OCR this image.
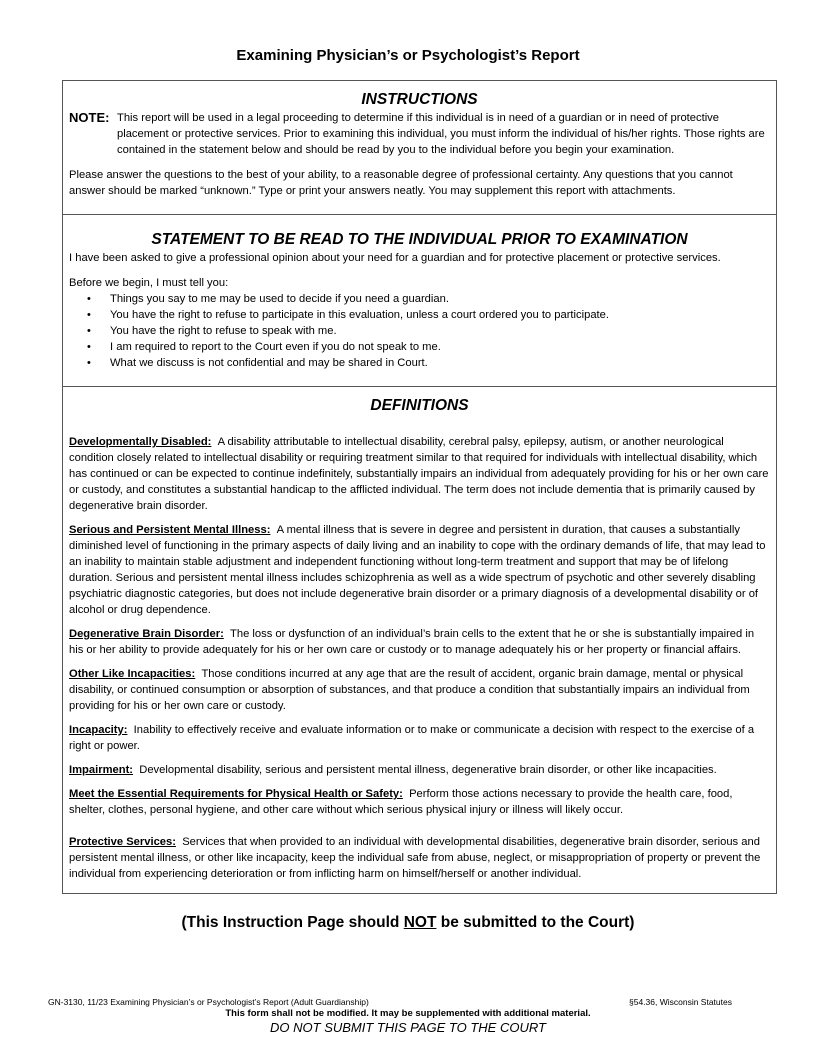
Examining Physician’s or Psychologist’s Report
INSTRUCTIONS
NOTE: This report will be used in a legal proceeding to determine if this individual is in need of a guardian or in need of protective placement or protective services. Prior to examining this individual, you must inform the individual of his/her rights. Those rights are contained in the statement below and should be read by you to the individual before you begin your examination.
Please answer the questions to the best of your ability, to a reasonable degree of professional certainty. Any questions that you cannot answer should be marked “unknown.” Type or print your answers neatly. You may supplement this report with attachments.
STATEMENT TO BE READ TO THE INDIVIDUAL PRIOR TO EXAMINATION
I have been asked to give a professional opinion about your need for a guardian and for protective placement or protective services.
Before we begin, I must tell you:
• Things you say to me may be used to decide if you need a guardian.
• You have the right to refuse to participate in this evaluation, unless a court ordered you to participate.
• You have the right to refuse to speak with me.
• I am required to report to the Court even if you do not speak to me.
• What we discuss is not confidential and may be shared in Court.
DEFINITIONS
Developmentally Disabled: A disability attributable to intellectual disability, cerebral palsy, epilepsy, autism, or another neurological condition closely related to intellectual disability or requiring treatment similar to that required for individuals with intellectual disability, which has continued or can be expected to continue indefinitely, substantially impairs an individual from adequately providing for his or her own care or custody, and constitutes a substantial handicap to the afflicted individual. The term does not include dementia that is primarily caused by degenerative brain disorder.
Serious and Persistent Mental Illness: A mental illness that is severe in degree and persistent in duration, that causes a substantially diminished level of functioning in the primary aspects of daily living and an inability to cope with the ordinary demands of life, that may lead to an inability to maintain stable adjustment and independent functioning without long-term treatment and support that may be of lifelong duration. Serious and persistent mental illness includes schizophrenia as well as a wide spectrum of psychotic and other severely disabling psychiatric diagnostic categories, but does not include degenerative brain disorder or a primary diagnosis of a developmental disability or of alcohol or drug dependence.
Degenerative Brain Disorder: The loss or dysfunction of an individual’s brain cells to the extent that he or she is substantially impaired in his or her ability to provide adequately for his or her own care or custody or to manage adequately his or her property or financial affairs.
Other Like Incapacities: Those conditions incurred at any age that are the result of accident, organic brain damage, mental or physical disability, or continued consumption or absorption of substances, and that produce a condition that substantially impairs an individual from providing for his or her own care or custody.
Incapacity: Inability to effectively receive and evaluate information or to make or communicate a decision with respect to the exercise of a right or power.
Impairment: Developmental disability, serious and persistent mental illness, degenerative brain disorder, or other like incapacities.
Meet the Essential Requirements for Physical Health or Safety: Perform those actions necessary to provide the health care, food, shelter, clothes, personal hygiene, and other care without which serious physical injury or illness will likely occur.
Protective Services: Services that when provided to an individual with developmental disabilities, degenerative brain disorder, serious and persistent mental illness, or other like incapacity, keep the individual safe from abuse, neglect, or misappropriation of property or prevent the individual from experiencing deterioration or from inflicting harm on himself/herself or another individual.
(This Instruction Page should NOT be submitted to the Court)
GN-3130, 11/23 Examining Physician’s or Psychologist’s Report (Adult Guardianship)	§54.36, Wisconsin Statutes
This form shall not be modified. It may be supplemented with additional material.
DO NOT SUBMIT THIS PAGE TO THE COURT
